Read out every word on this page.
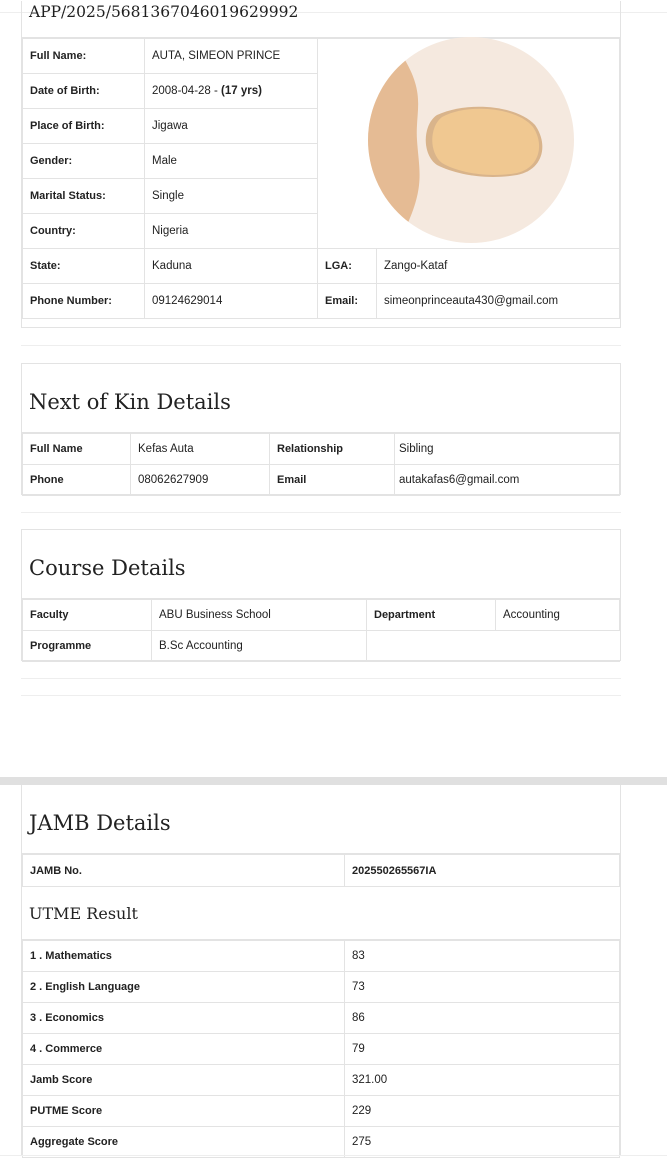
APP/2025/5681367046019629992
Full Name:	AUTA, SIMEON PRINCE	

Date of Birth:	2008-04-28 - (17 yrs)		
Place of Birth:	Jigawa		
Gender:	Male		
Marital Status:	Single		
Country:	Nigeria		
State:	Kaduna	LGA:	Zango-Kataf
Phone Number:	09124629014	Email:	simeonprinceauta430@gmail.com
Next of Kin Details
Full Name	Kefas Auta	Relationship	Sibling
Phone	08062627909	Email	autakafas6@gmail.com
Course Details
Faculty	ABU Business School	Department	Accounting
Programme	B.Sc Accounting		
JAMB Details
JAMB No.	202550265567IA
UTME Result
1 . Mathematics	83
2 . English Language	73
3 . Economics	86
4 . Commerce	79
Jamb Score	321.00
PUTME Score	229
Aggregate Score	275
